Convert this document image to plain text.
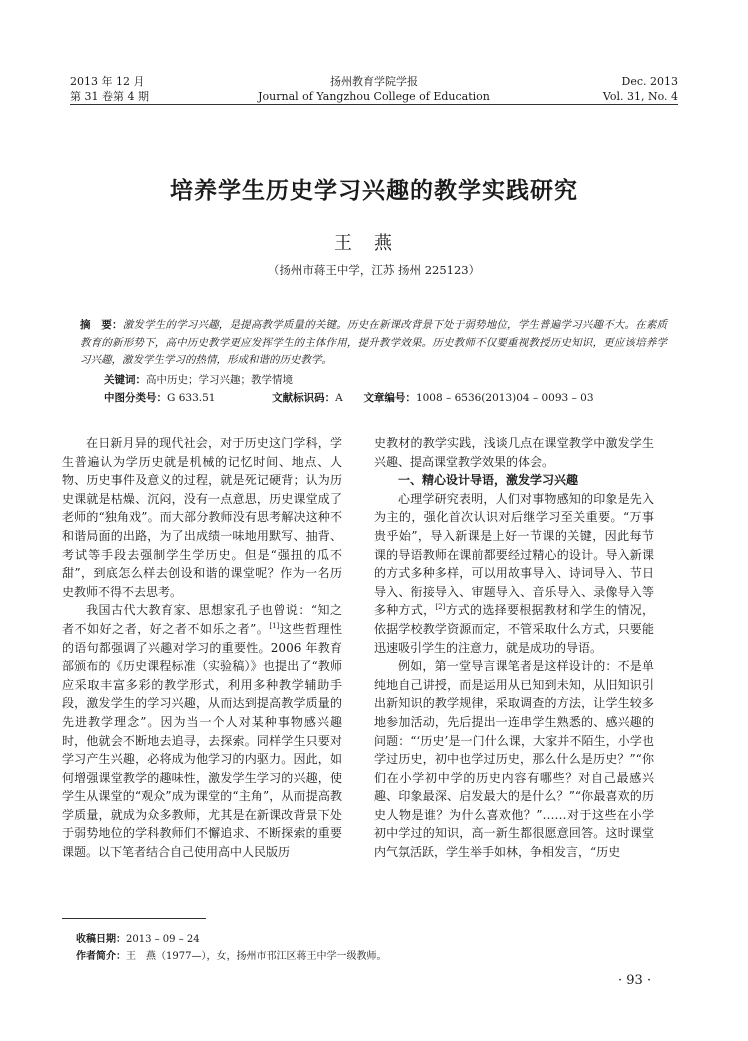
2013 年 12 月
第 31 卷第 4 期
扬州教育学院学报
Journal of Yangzhou College of Education
Dec. 2013
Vol. 31, No. 4
培养学生历史学习兴趣的教学实践研究
王燕
（扬州市蒋王中学，江苏 扬州 225123）
摘　要：激发学生的学习兴趣，是提高教学质量的关键。历史在新课改背景下处于弱势地位，学生普遍学习兴趣不大。在素质教育的新形势下，高中历史教学更应发挥学生的主体作用，提升教学效果。历史教师不仅要重视教授历史知识，更应该培养学习兴趣，激发学生学习的热情，形成和谐的历史教学。
关键词：高中历史；学习兴趣；教学情境
中图分类号：G 633.51	文献标识码：A 文章编号：1008 – 6536(2013)04 – 0093 – 03

在日新月异的现代社会，对于历史这门学科，学生普遍认为学历史就是机械的记忆时间、地点、人物、历史事件及意义的过程，就是死记硬背；认为历史课就是枯燥、沉闷，没有一点意思，历史课堂成了老师的“独角戏”。而大部分教师没有思考解决这种不和谐局面的出路，为了出成绩一味地用默写、抽背、考试等手段去强制学生学历史。但是“强扭的瓜不甜”，到底怎么样去创设和谐的课堂呢？作为一名历史教师不得不去思考。

我国古代大教育家、思想家孔子也曾说：“知之者不如好之者，好之者不如乐之者”。[1]这些哲理性的语句都强调了兴趣对学习的重要性。2006 年教育部颁布的《历史课程标准（实验稿）》也提出了“教师应采取丰富多彩的教学形式，利用多种教学辅助手段，激发学生的学习兴趣，从而达到提高教学质量的先进教学理念”。因为当一个人对某种事物感兴趣时，他就会不断地去追寻，去探索。同样学生只要对学习产生兴趣，必将成为他学习的内驱力。因此，如何增强课堂教学的趣味性，激发学生学习的兴趣，使学生从课堂的“观众”成为课堂的“主角”，从而提高教学质量，就成为众多教师，尤其是在新课改背景下处于弱势地位的学科教师们不懈追求、不断探索的重要课题。以下笔者结合自己使用高中人民版历

史教材的教学实践，浅谈几点在课堂教学中激发学生兴趣、提高课堂教学效果的体会。

一、精心设计导语，激发学习兴趣

心理学研究表明，人们对事物感知的印象是先入为主的，强化首次认识对后继学习至关重要。“万事贵乎始”，导入新课是上好一节课的关键，因此每节课的导语教师在课前都要经过精心的设计。导入新课的方式多种多样，可以用故事导入、诗词导入、节日导入、衔接导入、审题导入、音乐导入、录像导入等多种方式，[2]方式的选择要根据教材和学生的情况，依据学校教学资源而定，不管采取什么方式，只要能迅速吸引学生的注意力，就是成功的导语。

例如，第一堂导言课笔者是这样设计的：不是单纯地自己讲授，而是运用从已知到未知，从旧知识引出新知识的教学规律，采取调查的方法，让学生较多地参加活动，先后提出一连串学生熟悉的、感兴趣的问题：“‘历史’是一门什么课，大家并不陌生，小学也学过历史，初中也学过历史，那么什么是历史？”“你们在小学初中学的历史内容有哪些？对自己最感兴趣、印象最深、启发最大的是什么？”“你最喜欢的历史人物是谁？为什么喜欢他？”……对于这些在小学初中学过的知识，高一新生都很愿意回答。这时课堂内气氛活跃，学生举手如林，争相发言，“历史

收稿日期：2013 – 09 – 24
作者简介：王　燕（1977—），女，扬州市邗江区蒋王中学一级教师。
· 93 ·
